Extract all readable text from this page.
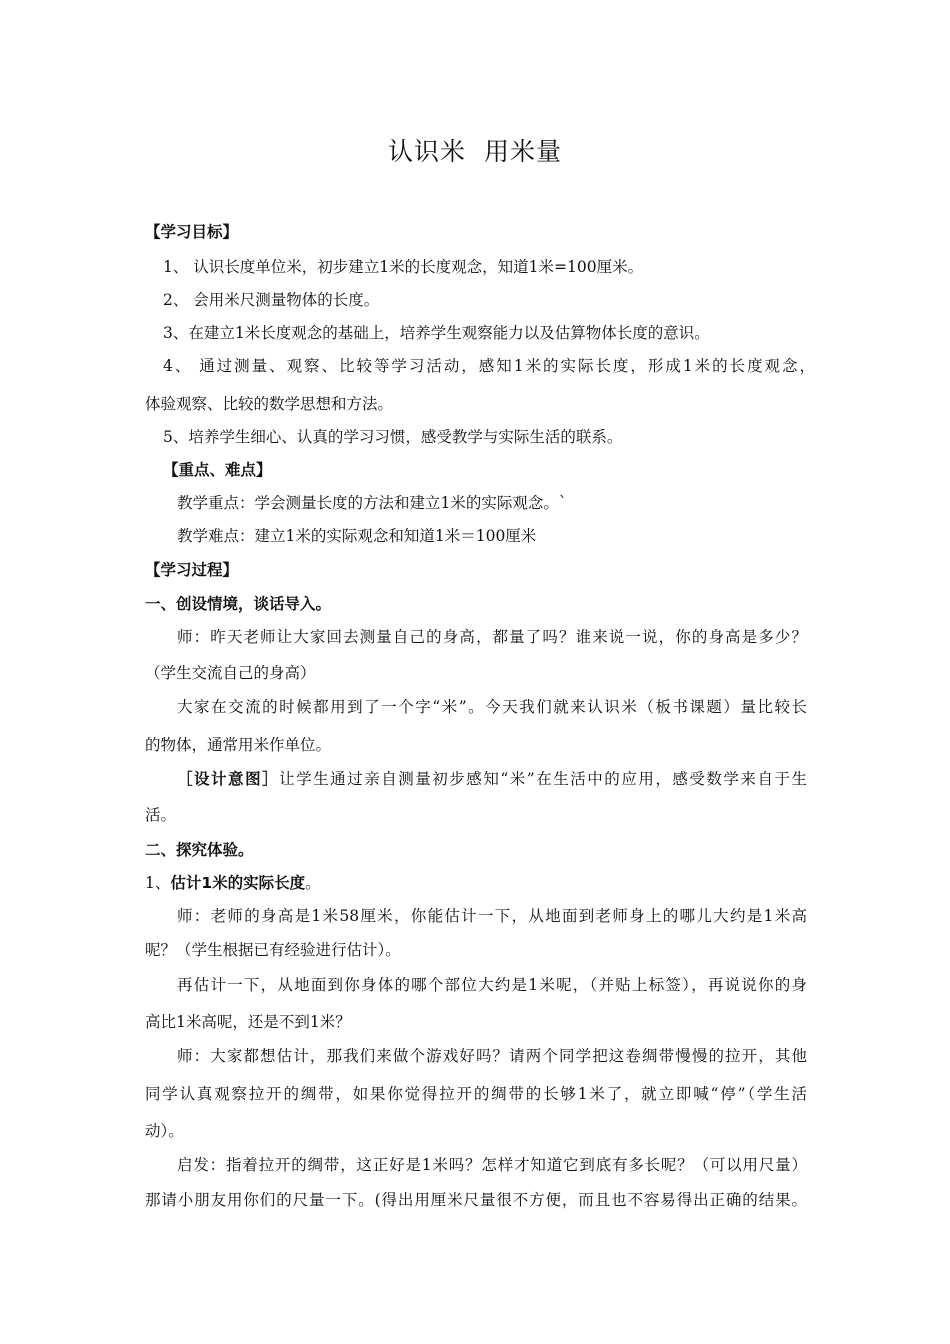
认识米  用米量
【学习目标】
1、 认识长度单位米，初步建立1米的长度观念，知道1米=100厘米。
2、 会用米尺测量物体的长度。
3、在建立1米长度观念的基础上，培养学生观察能力以及估算物体长度的意识。
4、 通过测量、观察、比较等学习活动，感知1米的实际长度，形成1米的长度观念，
体验观察、比较的数学思想和方法。
5、培养学生细心、认真的学习习惯，感受教学与实际生活的联系。
【重点、难点】
教学重点：学会测量长度的方法和建立1米的实际观念。`
教学难点：建立1米的实际观念和知道1米＝100厘米
【学习过程】
一、创设情境，谈话导入。
师：昨天老师让大家回去测量自己的身高，都量了吗？谁来说一说，你的身高是多少？
（学生交流自己的身高）
大家在交流的时候都用到了一个字“米”。今天我们就来认识米（板书课题）量比较长
的物体，通常用米作单位。
［设计意图］让学生通过亲自测量初步感知“米”在生活中的应用，感受数学来自于生
活。
二、探究体验。
1、估计1米的实际长度。
师：老师的身高是1米58厘米，你能估计一下，从地面到老师身上的哪儿大约是1米高
呢？（学生根据已有经验进行估计）。
再估计一下，从地面到你身体的哪个部位大约是1米呢，（并贴上标签），再说说你的身
高比1米高呢，还是不到1米？
师：大家都想估计，那我们来做个游戏好吗？请两个同学把这卷绸带慢慢的拉开，其他
同学认真观察拉开的绸带，如果你觉得拉开的绸带的长够1米了，就立即喊“停”（学生活
动）。
启发：指着拉开的绸带，这正好是1米吗？怎样才知道它到底有多长呢？（可以用尺量）
那请小朋友用你们的尺量一下。(得出用厘米尺量很不方便，而且也不容易得出正确的结果。
